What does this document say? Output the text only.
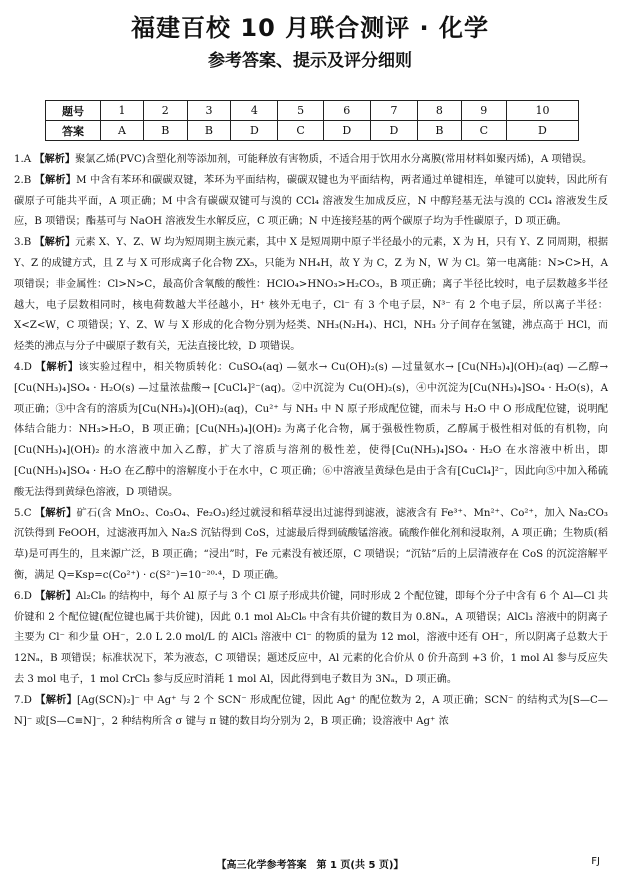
福建百校 10 月联合测评 · 化学
参考答案、提示及评分细则
题号	1	2	3	4	5	6	7	8	9	10
答案	A	B	B	D	C	D	D	B	C	D

1.A 【解析】聚氯乙烯(PVC)含塑化剂等添加剂，可能释放有害物质，不适合用于饮用水分离膜(常用材料如聚丙烯)，A 项错误。

2.B 【解析】M 中含有苯环和碳碳双键，苯环为平面结构，碳碳双键也为平面结构，两者通过单键相连，单键可以旋转，因此所有碳原子可能共平面，A 项正确；M 中含有碳碳双键可与溴的 CCl₄ 溶液发生加成反应，N 中醇羟基无法与溴的 CCl₄ 溶液发生反应，B 项错误；酯基可与 NaOH 溶液发生水解反应，C 项正确；N 中连接羟基的两个碳原子均为手性碳原子，D 项正确。

3.B 【解析】元素 X、Y、Z、W 均为短周期主族元素，其中 X 是短周期中原子半径最小的元素，X 为 H，只有 Y、Z 同周期，根据 Y、Z 的成键方式，且 Z 与 X 可形成离子化合物 ZX₅，只能为 NH₄H，故 Y 为 C，Z 为 N，W 为 Cl。第一电离能：N>C>H，A 项错误；非金属性：Cl>N>C，最高价含氧酸的酸性：HClO₄>HNO₃>H₂CO₃，B 项正确；离子半径比较时，电子层数越多半径越大，电子层数相同时，核电荷数越大半径越小，H⁺ 核外无电子，Cl⁻ 有 3 个电子层，N³⁻ 有 2 个电子层，所以离子半径：X<Z<W，C 项错误；Y、Z、W 与 X 形成的化合物分别为烃类、NH₃(N₂H₄)、HCl，NH₃ 分子间存在氢键，沸点高于 HCl，而烃类的沸点与分子中碳原子数有关，无法直接比较，D 项错误。

4.D 【解析】该实验过程中，相关物质转化：CuSO₄(aq) —氨水→ Cu(OH)₂(s) —过量氨水→ [Cu(NH₃)₄](OH)₂(aq) —乙醇→ [Cu(NH₃)₄]SO₄ · H₂O(s) —过量浓盐酸→ [CuCl₄]²⁻(aq)。②中沉淀为 Cu(OH)₂(s)，④中沉淀为[Cu(NH₃)₄]SO₄ · H₂O(s)，A 项正确；③中含有的溶质为[Cu(NH₃)₄](OH)₂(aq)，Cu²⁺ 与 NH₃ 中 N 原子形成配位键，而未与 H₂O 中 O 形成配位键，说明配体结合能力：NH₃>H₂O，B 项正确；[Cu(NH₃)₄](OH)₂ 为离子化合物，属于强极性物质，乙醇属于极性相对低的有机物，向[Cu(NH₃)₄](OH)₂ 的水溶液中加入乙醇，扩大了溶质与溶剂的极性差，使得[Cu(NH₃)₄]SO₄ · H₂O 在水溶液中析出，即[Cu(NH₃)₄]SO₄ · H₂O 在乙醇中的溶解度小于在水中，C 项正确；⑥中溶液呈黄绿色是由于含有[CuCl₄]²⁻，因此向⑤中加入稀硫酸无法得到黄绿色溶液，D 项错误。

5.C 【解析】矿石(含 MnO₂、Co₃O₄、Fe₂O₃)经过就浸和稻草浸出过滤得到滤液，滤液含有 Fe³⁺、Mn²⁺、Co²⁺，加入 Na₂CO₃ 沉铁得到 FeOOH，过滤液再加入 Na₂S 沉钴得到 CoS，过滤最后得到硫酸锰溶液。硫酸作催化剂和浸取剂，A 项正确；生物质(稻草)是可再生的，且来源广泛，B 项正确；“浸出”时，Fe 元素没有被还原，C 项错误；“沉钴”后的上层清液存在 CoS 的沉淀溶解平衡，满足 Q=Ksp=c(Co²⁺) · c(S²⁻)=10⁻²⁰·⁴，D 项正确。

6.D 【解析】Al₂Cl₆ 的结构中，每个 Al 原子与 3 个 Cl 原子形成共价键，同时形成 2 个配位键，即每个分子中含有 6 个 Al—Cl 共价键和 2 个配位键(配位键也属于共价键)，因此 0.1 mol Al₂Cl₆ 中含有共价键的数目为 0.8Nₐ，A 项错误；AlCl₃ 溶液中的阴离子主要为 Cl⁻ 和少量 OH⁻，2.0 L 2.0 mol/L 的 AlCl₃ 溶液中 Cl⁻ 的物质的量为 12 mol，溶液中还有 OH⁻，所以阴离子总数大于 12Nₐ，B 项错误；标准状况下，苯为液态，C 项错误；题述反应中，Al 元素的化合价从 0 价升高到 +3 价，1 mol Al 参与反应失去 3 mol 电子，1 mol CrCl₃ 参与反应时消耗 1 mol Al，因此得到电子数目为 3Nₐ，D 项正确。

7.D 【解析】[Ag(SCN)₂]⁻ 中 Ag⁺ 与 2 个 SCN⁻ 形成配位键，因此 Ag⁺ 的配位数为 2，A 项正确；SCN⁻ 的结构式为[S—C—N]⁻ 或[S—C≡N]⁻，2 种结构所含 σ 键与 π 键的数目均分别为 2，B 项正确；设溶液中 Ag⁺ 浓

【高三化学参考答案　第 1 页(共 5 页)】	FJ
